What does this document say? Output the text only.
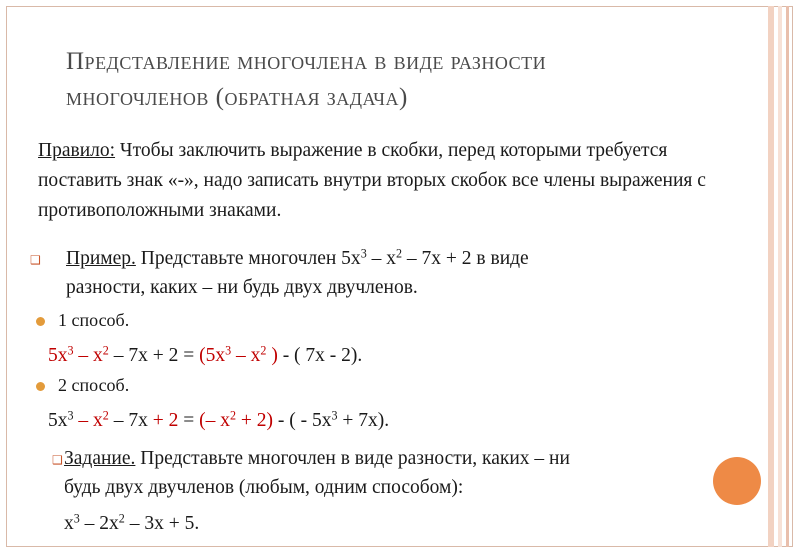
Представление многочлена в виде разности
многочленов (обратная задача)
Правило: Чтобы заключить выражение в скобки, перед которыми требуется поставить знак «-», надо записать внутри вторых скобок все члены выражения с противоположными знаками.
❑ Пример. Представьте многочлен $5x^3 - x^2 - 7x + 2$ в виде
разности, каких – ни будь двух двучленов.
1 способ.
$5x^3 - x^2 - 7x + 2 = (5x^3 - x^2$ ) - ( 7x - 2).
2 способ.
$5x^3 - x^2 - 7x + 2$ = (– $x^2 + 2$) - ( - $5x^3 + 7x$).
❑ Задание. Представьте многочлен в виде разности, каких – ни
будь двух двучленов (любым, одним способом):
$x^3 - 2x^2 - 3x + 5$.
